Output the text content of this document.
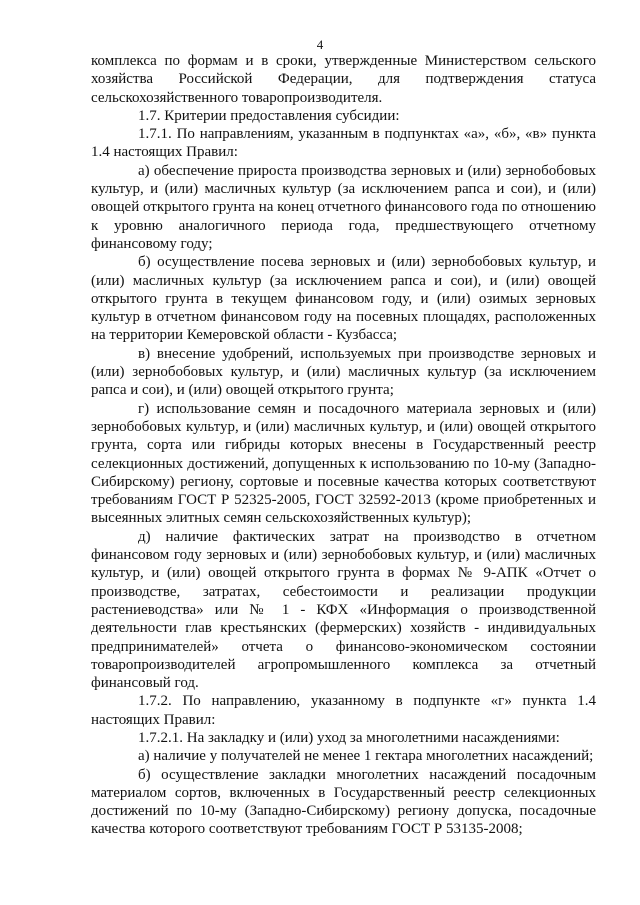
4

комплекса по формам и в сроки, утвержденные Министерством сельского хозяйства Российской Федерации, для подтверждения статуса сельскохозяйственного товаропроизводителя.

1.7. Критерии предоставления субсидии:

1.7.1. По направлениям, указанным в подпунктах «а», «б», «в» пункта 1.4 настоящих Правил:

а) обеспечение прироста производства зерновых и (или) зернобобовых культур, и (или) масличных культур (за исключением рапса и сои), и (или) овощей открытого грунта на конец отчетного финансового года по отношению к уровню аналогичного периода года, предшествующего отчетному финансовому году;

б) осуществление посева зерновых и (или) зернобобовых культур, и (или) масличных культур (за исключением рапса и сои), и (или) овощей открытого грунта в текущем финансовом году, и (или) озимых зерновых культур в отчетном финансовом году на посевных площадях, расположенных на территории Кемеровской области - Кузбасса;

в) внесение удобрений, используемых при производстве зерновых и (или) зернобобовых культур, и (или) масличных культур (за исключением рапса и сои), и (или) овощей открытого грунта;

г) использование семян и посадочного материала зерновых и (или) зернобобовых культур, и (или) масличных культур, и (или) овощей открытого грунта, сорта или гибриды которых внесены в Государственный реестр селекционных достижений, допущенных к использованию по 10-му (Западно-Сибирскому) региону, сортовые и посевные качества которых соответствуют требованиям ГОСТ Р 52325-2005, ГОСТ 32592-2013 (кроме приобретенных и высеянных элитных семян сельскохозяйственных культур);

д) наличие фактических затрат на производство в отчетном финансовом году зерновых и (или) зернобобовых культур, и (или) масличных культур, и (или) овощей открытого грунта в формах № 9-АПК «Отчет о производстве, затратах, себестоимости и реализации продукции растениеводства» или № 1 - КФХ «Информация о производственной деятельности глав крестьянских (фермерских) хозяйств - индивидуальных предпринимателей» отчета о финансово-экономическом состоянии товаропроизводителей агропромышленного комплекса за отчетный финансовый год.

1.7.2. По направлению, указанному в подпункте «г» пункта 1.4 настоящих Правил:

1.7.2.1. На закладку и (или) уход за многолетними насаждениями:

а) наличие у получателей не менее 1 гектара многолетних насаждений;

б) осуществление закладки многолетних насаждений посадочным материалом сортов, включенных в Государственный реестр селекционных достижений по 10-му (Западно-Сибирскому) региону допуска, посадочные качества которого соответствуют требованиям ГОСТ Р 53135-2008;
